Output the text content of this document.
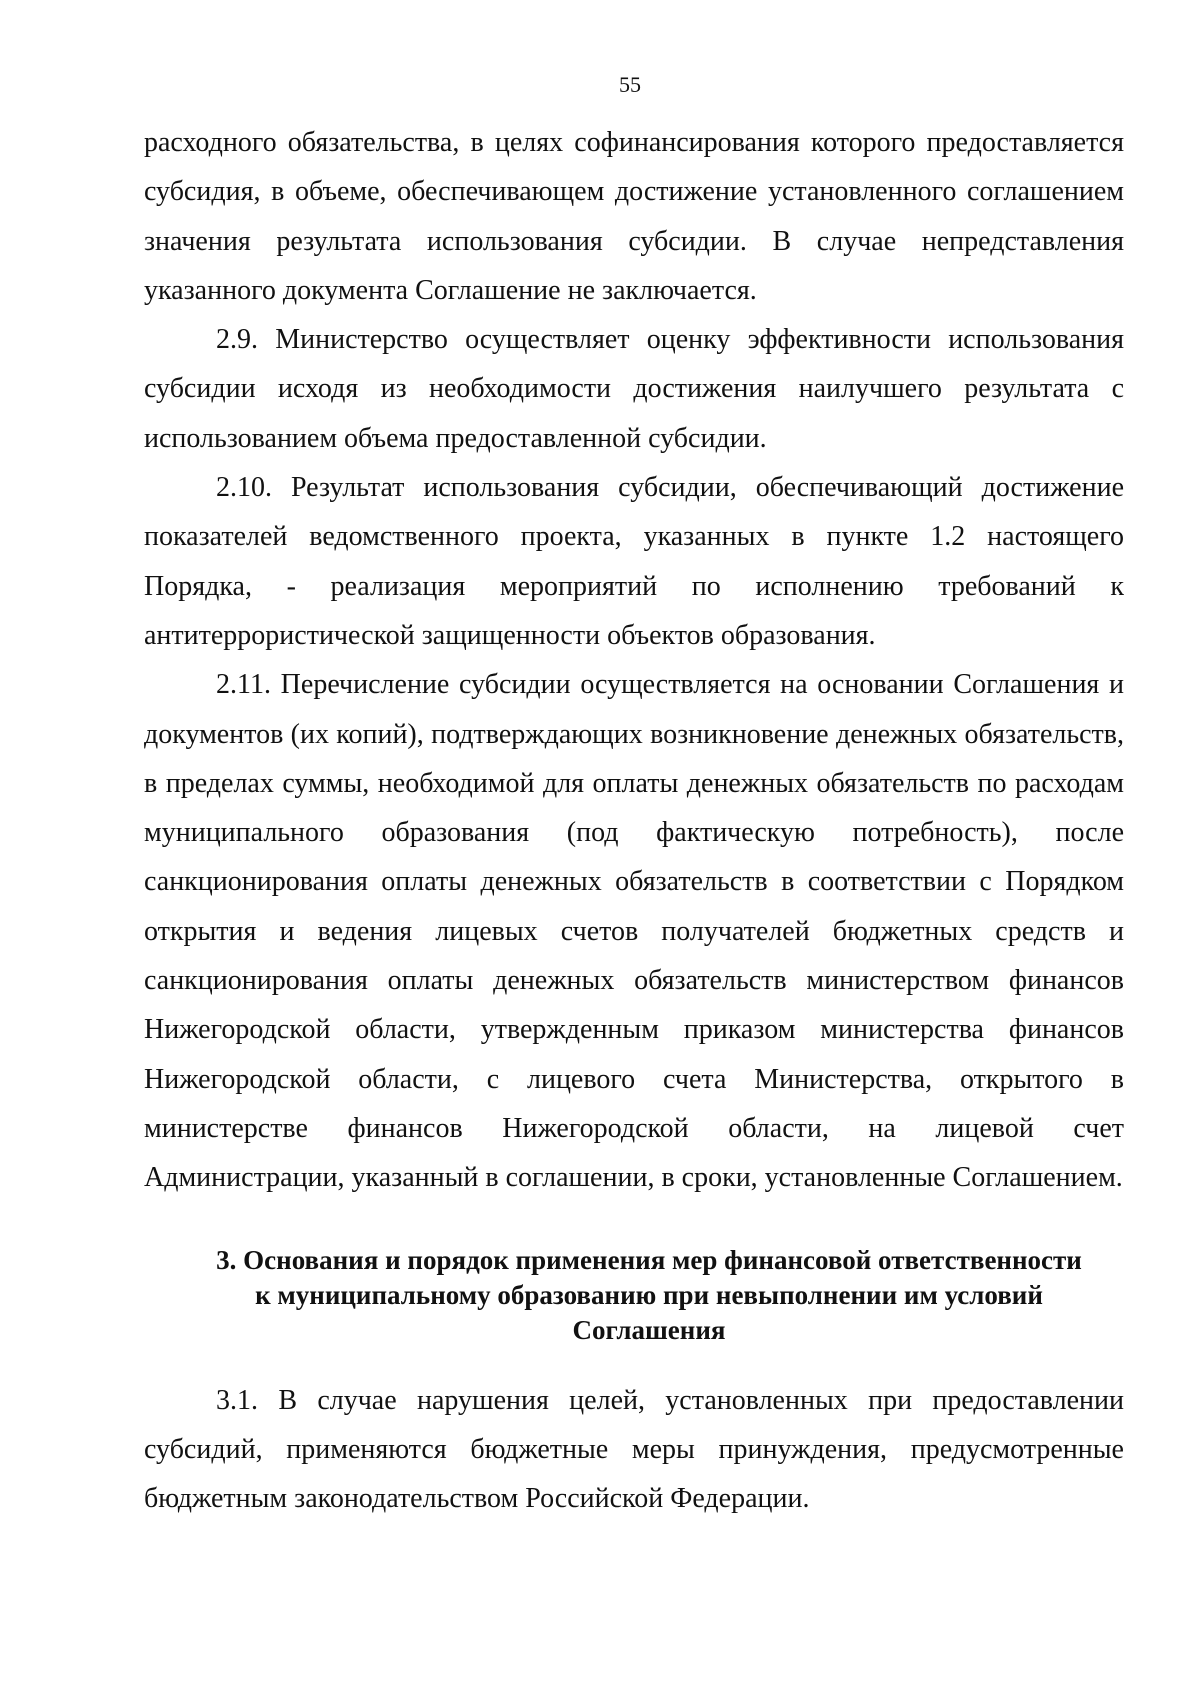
55

расходного обязательства, в целях софинансирования которого предоставляется субсидия, в объеме, обеспечивающем достижение установленного соглашением значения результата использования субсидии. В случае непредставления указанного документа Соглашение не заключается.

2.9. Министерство осуществляет оценку эффективности использования субсидии исходя из необходимости достижения наилучшего результата с использованием объема предоставленной субсидии.

2.10. Результат использования субсидии, обеспечивающий достижение показателей ведомственного проекта, указанных в пункте 1.2 настоящего Порядка, - реализация мероприятий по исполнению требований к антитеррористической защищенности объектов образования.

2.11. Перечисление субсидии осуществляется на основании Соглашения и документов (их копий), подтверждающих возникновение денежных обязательств, в пределах суммы, необходимой для оплаты денежных обязательств по расходам муниципального образования (под фактическую потребность), после санкционирования оплаты денежных обязательств в соответствии с Порядком открытия и ведения лицевых счетов получателей бюджетных средств и санкционирования оплаты денежных обязательств министерством финансов Нижегородской области, утвержденным приказом министерства финансов Нижегородской области, с лицевого счета Министерства, открытого в министерстве финансов Нижегородской области, на лицевой счет Администрации, указанный в соглашении, в сроки, установленные Соглашением.

3. Основания и порядок применения мер финансовой ответственности
к муниципальному образованию при невыполнении им условий
Соглашения

3.1. В случае нарушения целей, установленных при предоставлении субсидий, применяются бюджетные меры принуждения, предусмотренные бюджетным законодательством Российской Федерации.
